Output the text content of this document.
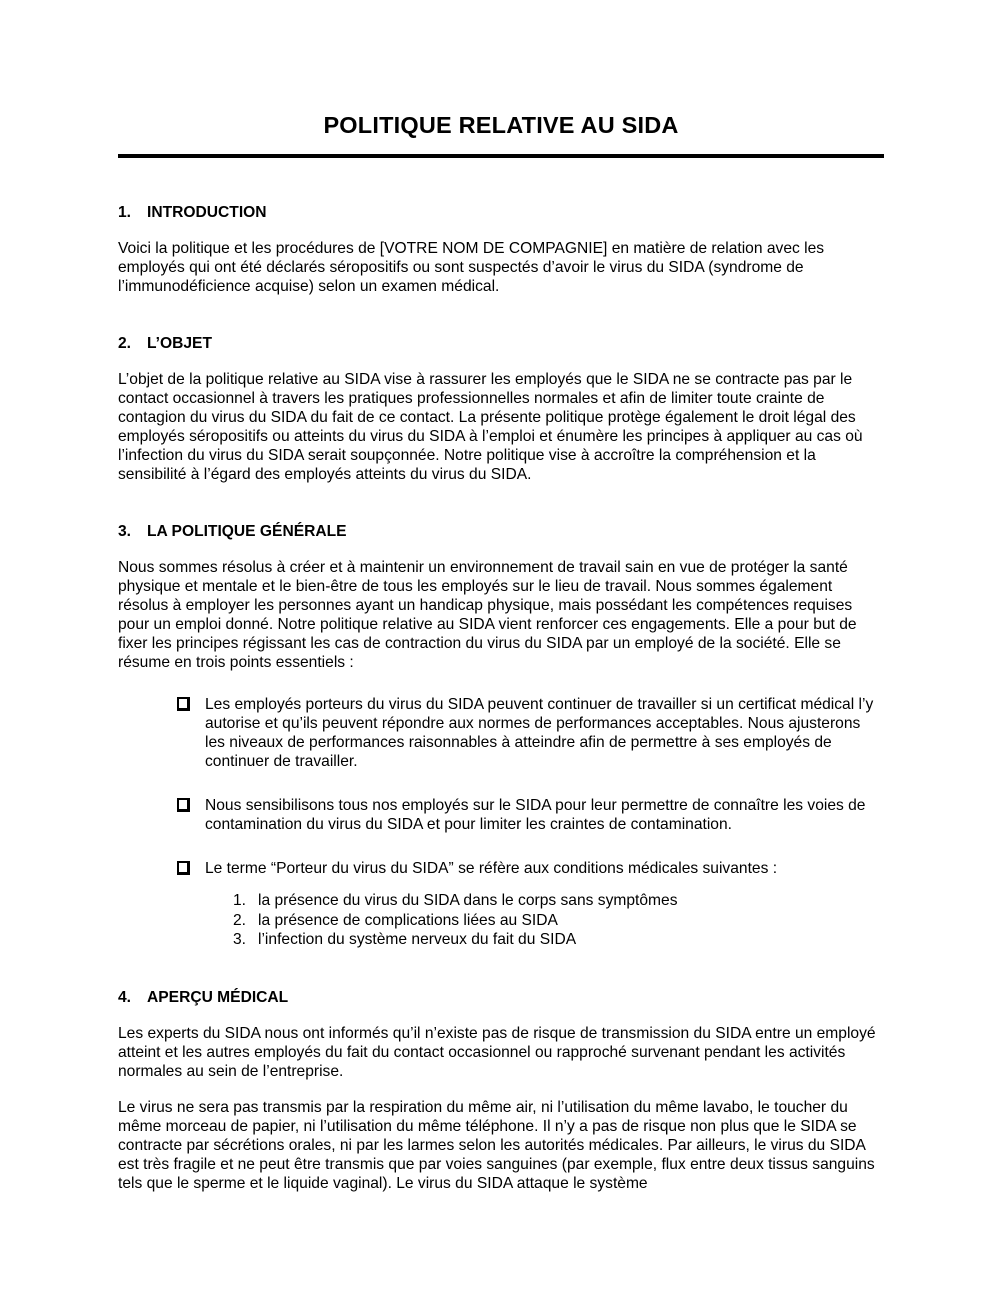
POLITIQUE RELATIVE AU SIDA
1. INTRODUCTION

Voici la politique et les procédures de [VOTRE NOM DE COMPAGNIE] en matière de relation avec les employés qui ont été déclarés séropositifs ou sont suspectés d’avoir le virus du SIDA (syndrome de l’immunodéficience acquise) selon un examen médical.

2. L’OBJET

L’objet de la politique relative au SIDA vise à rassurer les employés que le SIDA ne se contracte pas par le contact occasionnel à travers les pratiques professionnelles normales et afin de limiter toute crainte de contagion du virus du SIDA du fait de ce contact. La présente politique protège également le droit légal des employés séropositifs ou atteints du virus du SIDA à l’emploi et énumère les principes à appliquer au cas où l’infection du virus du SIDA serait soupçonnée. Notre politique vise à accroître la compréhension et la sensibilité à l’égard des employés atteints du virus du SIDA.

3. LA POLITIQUE GÉNÉRALE

Nous sommes résolus à créer et à maintenir un environnement de travail sain en vue de protéger la santé physique et mentale et le bien-être de tous les employés sur le lieu de travail. Nous sommes également résolus à employer les personnes ayant un handicap physique, mais possédant les compétences requises pour un emploi donné. Notre politique relative au SIDA vient renforcer ces engagements. Elle a pour but de fixer les principes régissant les cas de contraction du virus du SIDA par un employé de la société. Elle se résume en trois points essentiels :

Les employés porteurs du virus du SIDA peuvent continuer de travailler si un certificat médical l’y autorise et qu’ils peuvent répondre aux normes de performances acceptables. Nous ajusterons les niveaux de performances raisonnables à atteindre afin de permettre à ses employés de continuer de travailler.
Nous sensibilisons tous nos employés sur le SIDA pour leur permettre de connaître les voies de contamination du virus du SIDA et pour limiter les craintes de contamination.
Le terme “Porteur du virus du SIDA” se réfère aux conditions médicales suivantes :
1. la présence du virus du SIDA dans le corps sans symptômes
2. la présence de complications liées au SIDA
3. l’infection du système nerveux du fait du SIDA
4. APERÇU MÉDICAL

Les experts du SIDA nous ont informés qu’il n’existe pas de risque de transmission du SIDA entre un employé atteint et les autres employés du fait du contact occasionnel ou rapproché survenant pendant les activités normales au sein de l’entreprise.

Le virus ne sera pas transmis par la respiration du même air, ni l’utilisation du même lavabo, le toucher du même morceau de papier, ni l’utilisation du même téléphone. Il n’y a pas de risque non plus que le SIDA se contracte par sécrétions orales, ni par les larmes selon les autorités médicales. Par ailleurs, le virus du SIDA est très fragile et ne peut être transmis que par voies sanguines (par exemple, flux entre deux tissus sanguins tels que le sperme et le liquide vaginal). Le virus du SIDA attaque le système
